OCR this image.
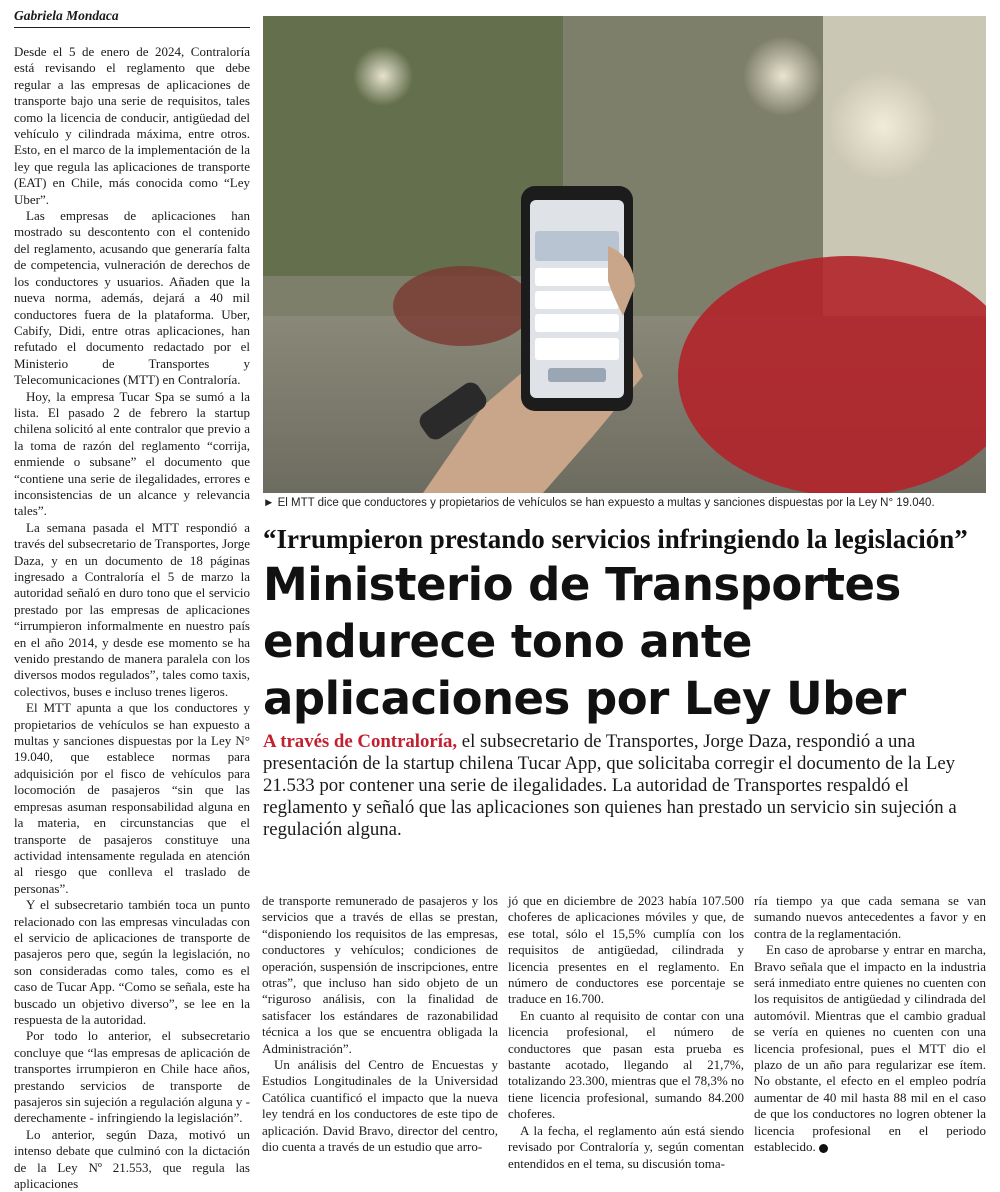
Gabriela Mondaca

Desde el 5 de enero de 2024, Contraloría está revisando el reglamento que debe regular a las empresas de aplicaciones de transporte bajo una serie de requisitos, tales como la licencia de conducir, antigüedad del vehículo y cilindrada máxima, entre otros. Esto, en el marco de la implementación de la ley que regula las aplicaciones de transporte (EAT) en Chile, más conocida como “Ley Uber”.

Las empresas de aplicaciones han mostrado su descontento con el contenido del reglamento, acusando que generaría falta de competencia, vulneración de derechos de los conductores y usuarios. Añaden que la nueva norma, además, dejará a 40 mil conductores fuera de la plataforma. Uber, Cabify, Didi, entre otras aplicaciones, han refutado el documento redactado por el Ministerio de Transportes y Telecomunicaciones (MTT) en Contraloría.

Hoy, la empresa Tucar Spa se sumó a la lista. El pasado 2 de febrero la startup chilena solicitó al ente contralor que previo a la toma de razón del reglamento “corrija, enmiende o subsane” el documento que “contiene una serie de ilegalidades, errores e inconsistencias de un alcance y relevancia tales”.

La semana pasada el MTT respondió a través del subsecretario de Transportes, Jorge Daza, y en un documento de 18 páginas ingresado a Contraloría el 5 de marzo la autoridad señaló en duro tono que el servicio prestado por las empresas de aplicaciones “irrumpieron informalmente en nuestro país en el año 2014, y desde ese momento se ha venido prestando de manera paralela con los diversos modos regulados”, tales como taxis, colectivos, buses e incluso trenes ligeros.

El MTT apunta a que los conductores y propietarios de vehículos se han expuesto a multas y sanciones dispuestas por la Ley N° 19.040, que establece normas para adquisición por el fisco de vehículos para locomoción de pasajeros “sin que las empresas asuman responsabilidad alguna en la materia, en circunstancias que el transporte de pasajeros constituye una actividad intensamente regulada en atención al riesgo que conlleva el traslado de personas”.

Y el subsecretario también toca un punto relacionado con las empresas vinculadas con el servicio de aplicaciones de transporte de pasajeros pero que, según la legislación, no son consideradas como tales, como es el caso de Tucar App. “Como se señala, este ha buscado un objetivo diverso”, se lee en la respuesta de la autoridad.

Por todo lo anterior, el subsecretario concluye que “las empresas de aplicación de transportes irrumpieron en Chile hace años, prestando servicios de transporte de pasajeros sin sujeción a regulación alguna y - derechamente - infringiendo la legislación”.

Lo anterior, según Daza, motivó un intenso debate que culminó con la dictación de la Ley Nº 21.553, que regula las aplicaciones

► El MTT dice que conductores y propietarios de vehículos se han expuesto a multas y sanciones dispuestas por la Ley N° 19.040.
“Irrumpieron prestando servicios infringiendo la legislación”
Ministerio de Transportes endurece tono ante aplicaciones por Ley Uber
A través de Contraloría, el subsecretario de Transportes, Jorge Daza, respondió a una presentación de la startup chilena Tucar App, que solicitaba corregir el documento de la Ley 21.533 por contener una serie de ilegalidades. La autoridad de Transportes respaldó el reglamento y señaló que las aplicaciones son quienes han prestado un servicio sin sujeción a regulación alguna.

de transporte remunerado de pasajeros y los servicios que a través de ellas se prestan, “disponiendo los requisitos de las empresas, conductores y vehículos; condiciones de operación, suspensión de inscripciones, entre otras”, que incluso han sido objeto de un “riguroso análisis, con la finalidad de satisfacer los estándares de razonabilidad técnica a los que se encuentra obligada la Administración”.

Un análisis del Centro de Encuestas y Estudios Longitudinales de la Universidad Católica cuantificó el impacto que la nueva ley tendrá en los conductores de este tipo de aplicación. David Bravo, director del centro, dio cuenta a través de un estudio que arro-

jó que en diciembre de 2023 había 107.500 choferes de aplicaciones móviles y que, de ese total, sólo el 15,5% cumplía con los requisitos de antigüedad, cilindrada y licencia presentes en el reglamento. En número de conductores ese porcentaje se traduce en 16.700.

En cuanto al requisito de contar con una licencia profesional, el número de conductores que pasan esta prueba es bastante acotado, llegando al 21,7%, totalizando 23.300, mientras que el 78,3% no tiene licencia profesional, sumando 84.200 choferes.

A la fecha, el reglamento aún está siendo revisado por Contraloría y, según comentan entendidos en el tema, su discusión toma-

ría tiempo ya que cada semana se van sumando nuevos antecedentes a favor y en contra de la reglamentación.

En caso de aprobarse y entrar en marcha, Bravo señala que el impacto en la industria será inmediato entre quienes no cuenten con los requisitos de antigüedad y cilindrada del automóvil. Mientras que el cambio gradual se vería en quienes no cuenten con una licencia profesional, pues el MTT dio el plazo de un año para regularizar ese ítem. No obstante, el efecto en el empleo podría aumentar de 40 mil hasta 88 mil en el caso de que los conductores no logren obtener la licencia profesional en el periodo establecido.
